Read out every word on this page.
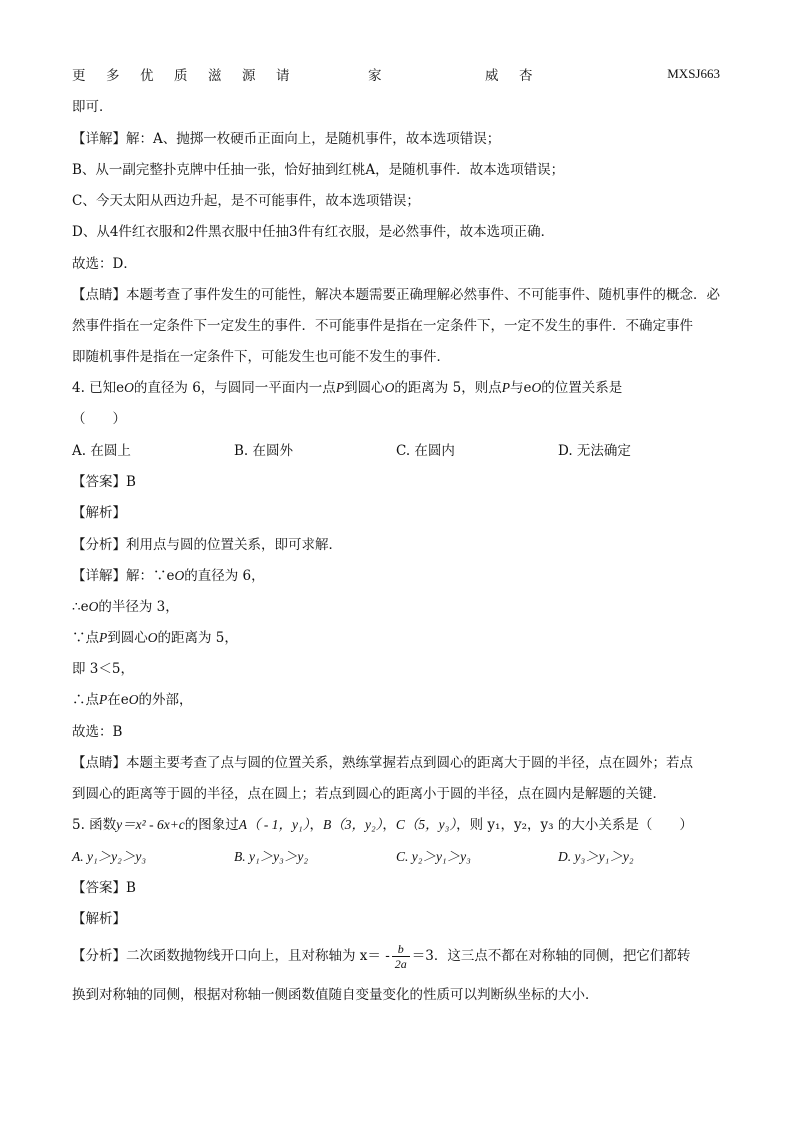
更 多 优 质 滋 源 请	家	威 杏	MXSJ663
即可．
【详解】解：A、抛掷一枚硬币正面向上，是随机事件，故本选项错误；
B、从一副完整扑克牌中任抽一张，恰好抽到红桃A，是随机事件．故本选项错误；
C、今天太阳从西边升起，是不可能事件，故本选项错误；
D、从4件红衣服和2件黑衣服中任抽3件有红衣服，是必然事件，故本选项正确．
故选：D．
【点睛】本题考查了事件发生的可能性，解决本题需要正确理解必然事件、不可能事件、随机事件的概念．必
然事件指在一定条件下一定发生的事件．不可能事件是指在一定条件下，一定不发生的事件．不确定事件
即随机事件是指在一定条件下，可能发生也可能不发生的事件．
4. 已知eO的直径为 6，与圆同一平面内一点P到圆心O的距离为 5，则点P与eO的位置关系是
（　　）
A. 在圆上	B. 在圆外	C. 在圆内	D. 无法确定
【答案】B
【解析】
【分析】利用点与圆的位置关系，即可求解．
【详解】解：∵eO的直径为 6，
∴eO的半径为 3，
∵点P到圆心O的距离为 5，
即 3＜5，
∴点P在eO的外部，
故选：B
【点睛】本题主要考查了点与圆的位置关系，熟练掌握若点到圆心的距离大于圆的半径，点在圆外；若点
到圆心的距离等于圆的半径，点在圆上；若点到圆心的距离小于圆的半径，点在圆内是解题的关键．
5. 函数y＝x² - 6x+c的图象过A（ - 1，y₁），B（3，y₂），C（5，y₃），则 y₁，y₂，y₃ 的大小关系是（　　）
A. y₁＞y₂＞y₃	B. y₁＞y₃＞y₂	C. y₂＞y₁＞y₃	D. y₃＞y₁＞y₂
【答案】B
【解析】
【分析】二次函数抛物线开口向上，且对称轴为 $x= - \frac{b}{2a} =3$．这三点不都在对称轴的同侧，把它们都转
换到对称轴的同侧，根据对称轴一侧函数值随自变量变化的性质可以判断纵坐标的大小．
